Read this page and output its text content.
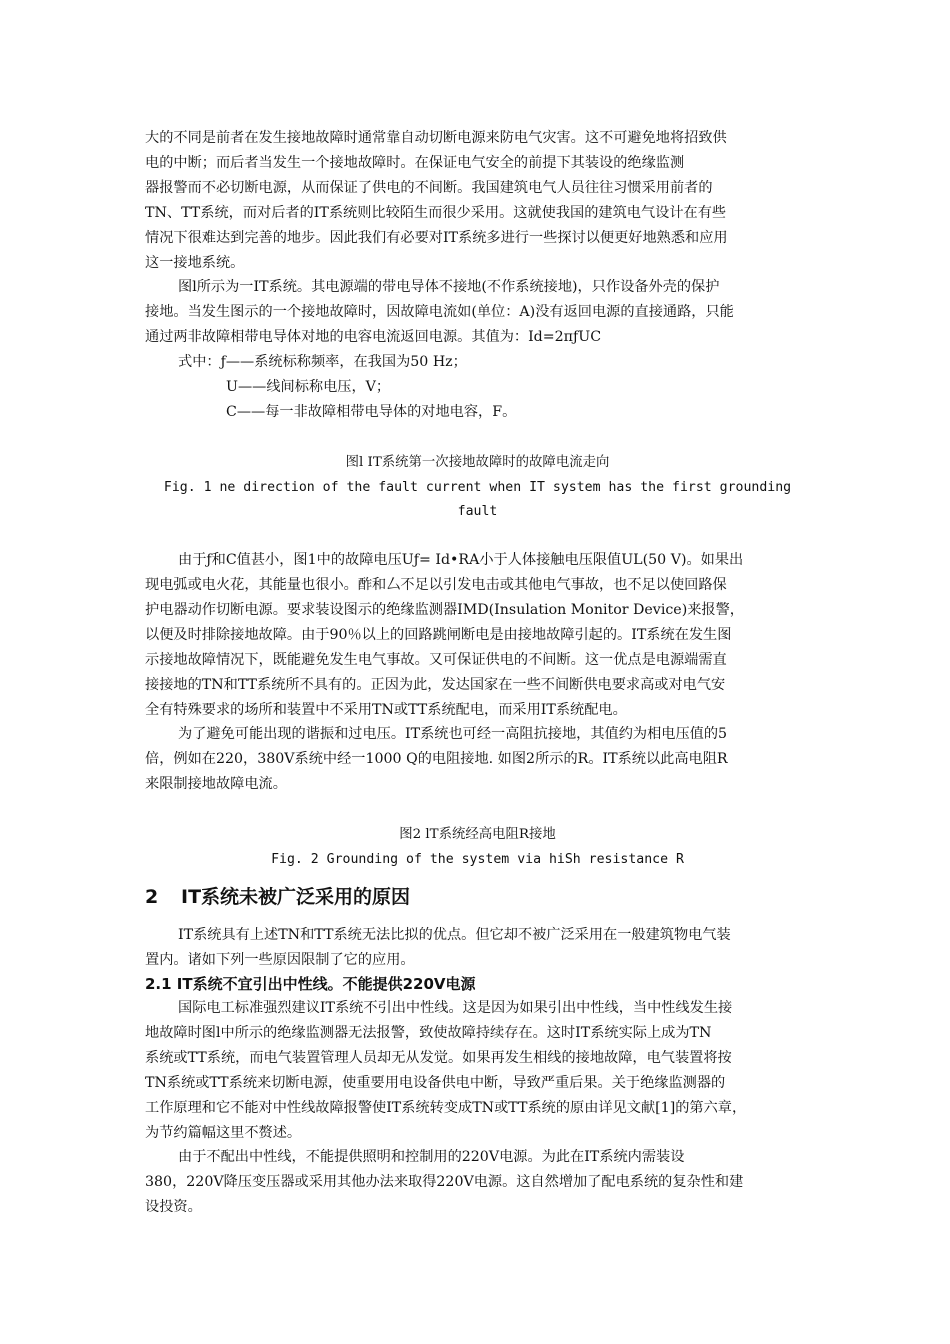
大的不同是前者在发生接地故障时通常靠自动切断电源来防电气灾害。这不可避免地将招致供
电的中断；而后者当发生一个接地故障时。在保证电气安全的前提下其装设的绝缘监测
器报警而不必切断电源，从而保证了供电的不间断。我国建筑电气人员往往习惯采用前者的
TN、TT系统，而对后者的IT系统则比较陌生而很少采用。这就使我国的建筑电气设计在有些
情况下很难达到完善的地步。因此我们有必要对IT系统多进行一些探讨以便更好地熟悉和应用
这一接地系统。
图l所示为一IT系统。其电源端的带电导体不接地(不作系统接地)，只作设备外壳的保护
接地。当发生图示的一个接地故障时，因故障电流如(单位：A)没有返回电源的直接通路，只能
通过两非故障相带电导体对地的电容电流返回电源。其值为：Id=2πƒUC
式中：ƒ——系统标称频率，在我国为50 Hz；
U——线间标称电压，V；
C——每一非故障相带电导体的对地电容，F。
图l IT系统第一次接地故障时的故障电流走向
Fig. 1 ne direction of the fault current when IT system has the first grounding
fault
由于ƒ和C值甚小，图1中的故障电压Uƒ= Id•RA小于人体接触电压限值UL(50 V)。如果出
现电弧或电火花，其能量也很小。酢和厶不足以引发电击或其他电气事故，也不足以使回路保
护电器动作切断电源。要求装设图示的绝缘监测器IMD(Insulation Monitor Device)来报警，
以便及时排除接地故障。由于90％以上的回路跳闸断电是由接地故障引起的。IT系统在发生图
示接地故障情况下，既能避免发生电气事故。又可保证供电的不间断。这一优点是电源端需直
接接地的TN和TT系统所不具有的。正因为此，发达国家在一些不间断供电要求高或对电气安
全有特殊要求的场所和装置中不采用TN或TT系统配电，而采用IT系统配电。
为了避免可能出现的谐振和过电压。IT系统也可经一高阻抗接地，其值约为相电压值的5
倍，例如在220，380V系统中经一1000 Q的电阻接地. 如图2所示的R。IT系统以此高电阻R
来限制接地故障电流。
图2 lT系统经高电阻R接地
Fig. 2 Grounding of the system via hiSh resistance R
2 IT系统未被广泛采用的原因
IT系统具有上述TN和TT系统无法比拟的优点。但它却不被广泛采用在一般建筑物电气装
置内。诸如下列一些原因限制了它的应用。
2.1 IT系统不宜引出中性线。不能提供220V电源
国际电工标准强烈建议IT系统不引出中性线。这是因为如果引出中性线，当中性线发生接
地故障时图l中所示的绝缘监测器无法报警，致使故障持续存在。这时IT系统实际上成为TN
系统或TT系统，而电气装置管理人员却无从发觉。如果再发生相线的接地故障，电气装置将按
TN系统或TT系统来切断电源，使重要用电设备供电中断，导致严重后果。关于绝缘监测器的
工作原理和它不能对中性线故障报警使IT系统转变成TN或TT系统的原由详见文献[1]的第六章，
为节约篇幅这里不赘述。
由于不配出中性线，不能提供照明和控制用的220V电源。为此在IT系统内需装设
380，220V降压变压器或采用其他办法来取得220V电源。这自然增加了配电系统的复杂性和建
设投资。
